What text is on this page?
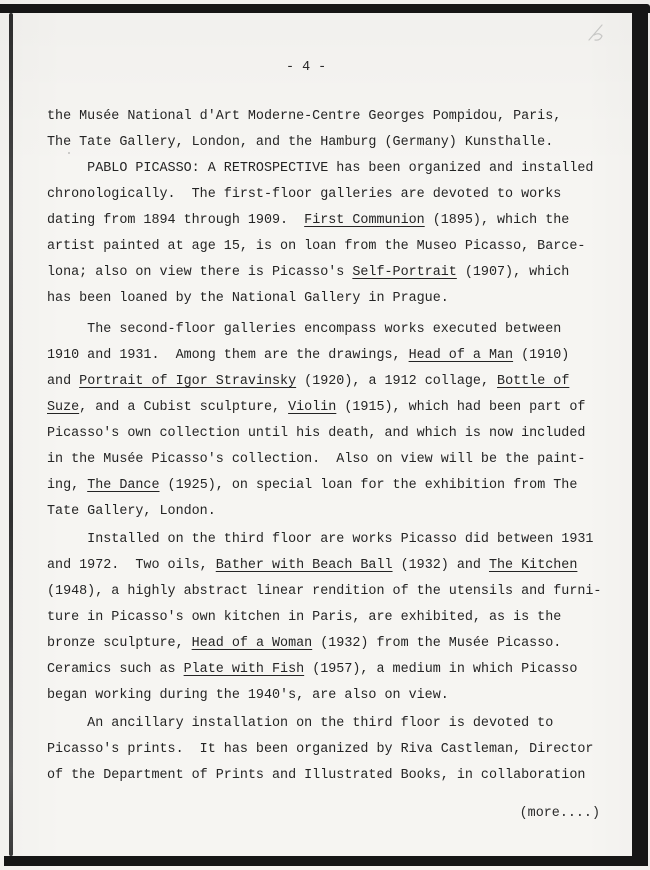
- 4 -
the Musée National d'Art Moderne-Centre Georges Pompidou, Paris,
The Tate Gallery, London, and the Hamburg (Germany) Kunsthalle.
PABLO PICASSO: A RETROSPECTIVE has been organized and installed
chronologically.  The first-floor galleries are devoted to works
dating from 1894 through 1909.  First Communion (1895), which the
artist painted at age 15, is on loan from the Museo Picasso, Barce-
lona; also on view there is Picasso's Self-Portrait (1907), which
has been loaned by the National Gallery in Prague.
The second-floor galleries encompass works executed between
1910 and 1931.  Among them are the drawings, Head of a Man (1910)
and Portrait of Igor Stravinsky (1920), a 1912 collage, Bottle of
Suze, and a Cubist sculpture, Violin (1915), which had been part of
Picasso's own collection until his death, and which is now included
in the Musée Picasso's collection.  Also on view will be the paint-
ing, The Dance (1925), on special loan for the exhibition from The
Tate Gallery, London.
Installed on the third floor are works Picasso did between 1931
and 1972.  Two oils, Bather with Beach Ball (1932) and The Kitchen
(1948), a highly abstract linear rendition of the utensils and furni-
ture in Picasso's own kitchen in Paris, are exhibited, as is the
bronze sculpture, Head of a Woman (1932) from the Musée Picasso.
Ceramics such as Plate with Fish (1957), a medium in which Picasso
began working during the 1940's, are also on view.
An ancillary installation on the third floor is devoted to
Picasso's prints.  It has been organized by Riva Castleman, Director
of the Department of Prints and Illustrated Books, in collaboration
(more....)
